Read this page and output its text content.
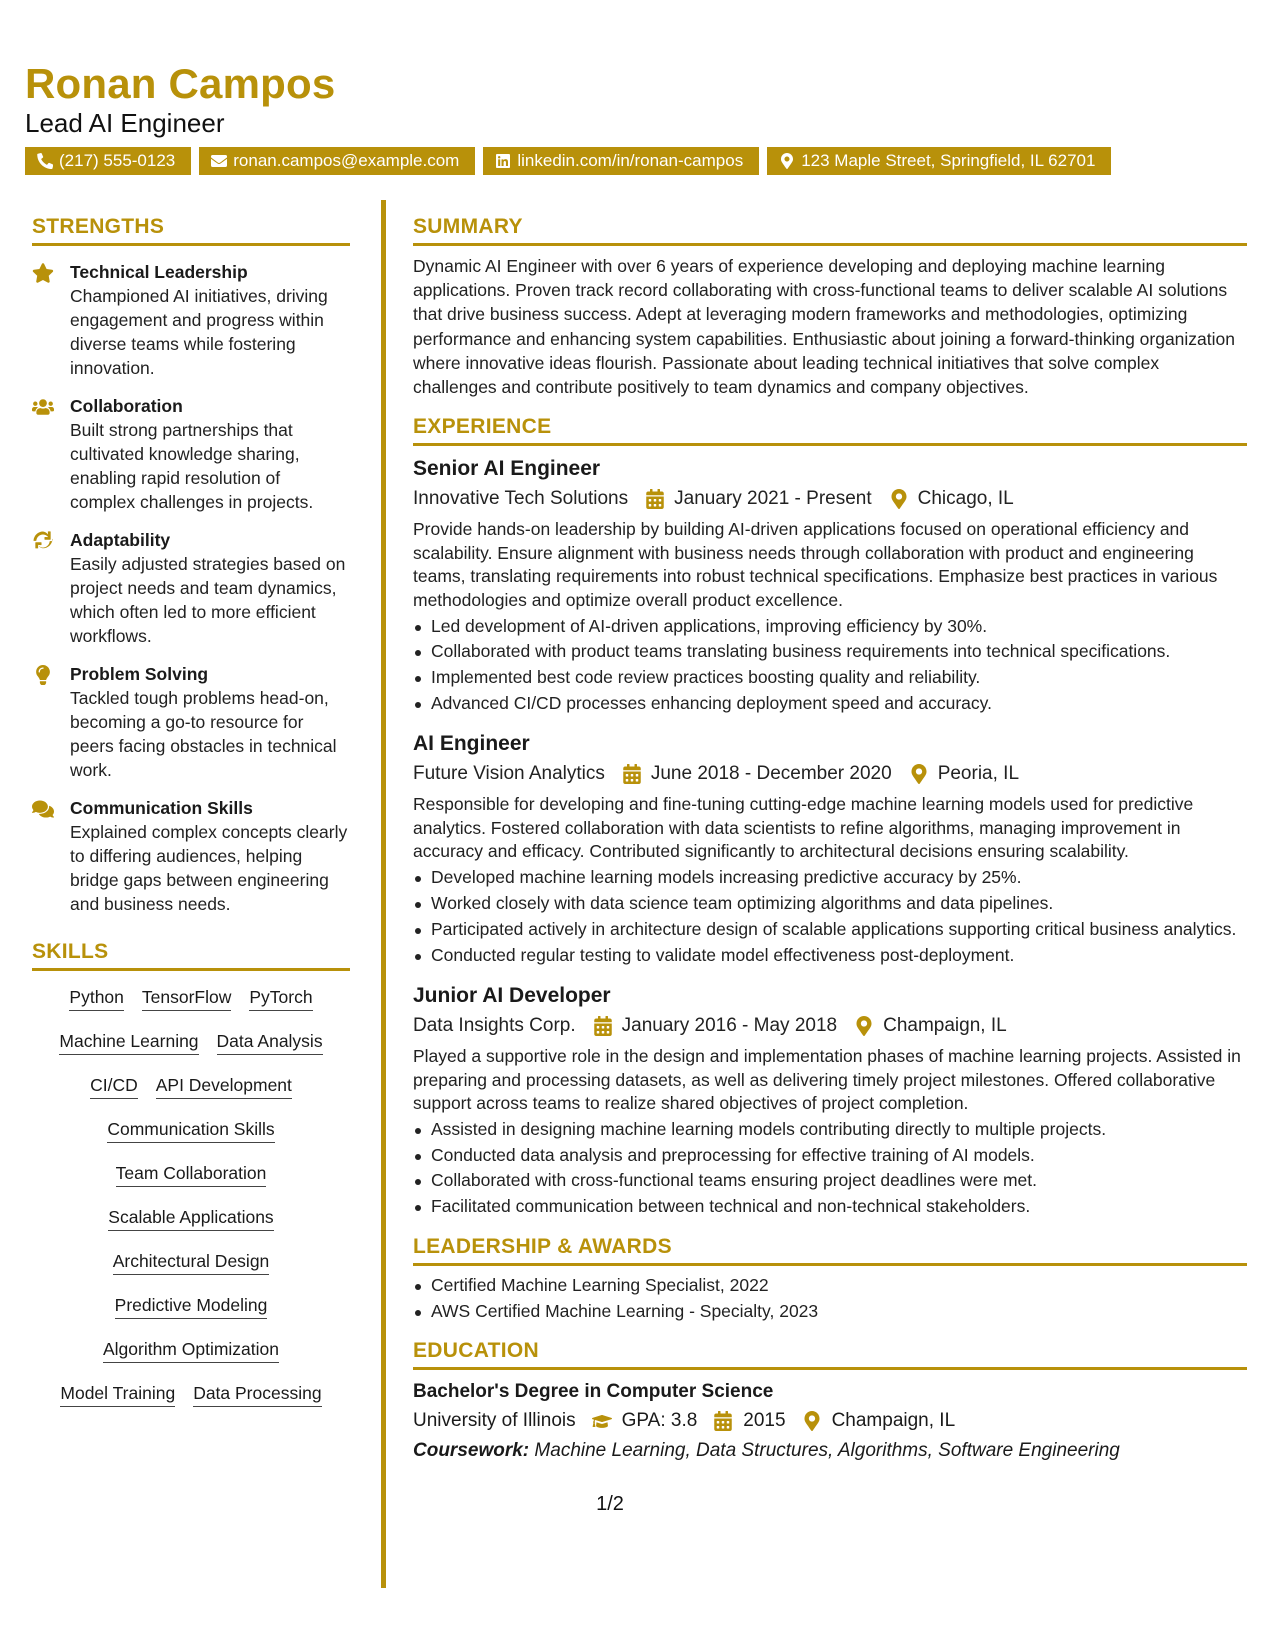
Ronan Campos
Lead AI Engineer
(217) 555-0123	ronan.campos@example.com	linkedin.com/in/ronan-campos	123 Maple Street, Springfield, IL 62701
STRENGTHS
Technical Leadership
Championed AI initiatives, driving engagement and progress within diverse teams while fostering innovation.
Collaboration
Built strong partnerships that cultivated knowledge sharing, enabling rapid resolution of complex challenges in projects.
Adaptability
Easily adjusted strategies based on project needs and team dynamics, which often led to more efficient workflows.
Problem Solving
Tackled tough problems head-on, becoming a go-to resource for peers facing obstacles in technical work.
Communication Skills
Explained complex concepts clearly to differing audiences, helping bridge gaps between engineering and business needs.
SKILLS
Python TensorFlow PyTorch
Machine Learning Data Analysis
CI/CD API Development
Communication Skills
Team Collaboration
Scalable Applications
Architectural Design
Predictive Modeling
Algorithm Optimization
Model Training Data Processing
SUMMARY
Dynamic AI Engineer with over 6 years of experience developing and deploying machine learning applications. Proven track record collaborating with cross-functional teams to deliver scalable AI solutions that drive business success. Adept at leveraging modern frameworks and methodologies, optimizing performance and enhancing system capabilities. Enthusiastic about joining a forward-thinking organization where innovative ideas flourish. Passionate about leading technical initiatives that solve complex challenges and contribute positively to team dynamics and company objectives.
EXPERIENCE
Senior AI Engineer
Innovative Tech Solutions January 2021 - Present Chicago, IL
Provide hands-on leadership by building AI-driven applications focused on operational efficiency and scalability. Ensure alignment with business needs through collaboration with product and engineering teams, translating requirements into robust technical specifications. Emphasize best practices in various methodologies and optimize overall product excellence.
Led development of AI-driven applications, improving efficiency by 30%.
Collaborated with product teams translating business requirements into technical specifications.
Implemented best code review practices boosting quality and reliability.
Advanced CI/CD processes enhancing deployment speed and accuracy.
AI Engineer
Future Vision Analytics June 2018 - December 2020 Peoria, IL
Responsible for developing and fine-tuning cutting-edge machine learning models used for predictive analytics. Fostered collaboration with data scientists to refine algorithms, managing improvement in accuracy and efficacy. Contributed significantly to architectural decisions ensuring scalability.
Developed machine learning models increasing predictive accuracy by 25%.
Worked closely with data science team optimizing algorithms and data pipelines.
Participated actively in architecture design of scalable applications supporting critical business analytics.
Conducted regular testing to validate model effectiveness post-deployment.
Junior AI Developer
Data Insights Corp. January 2016 - May 2018 Champaign, IL
Played a supportive role in the design and implementation phases of machine learning projects. Assisted in preparing and processing datasets, as well as delivering timely project milestones. Offered collaborative support across teams to realize shared objectives of project completion.
Assisted in designing machine learning models contributing directly to multiple projects.
Conducted data analysis and preprocessing for effective training of AI models.
Collaborated with cross-functional teams ensuring project deadlines were met.
Facilitated communication between technical and non-technical stakeholders.
LEADERSHIP & AWARDS
Certified Machine Learning Specialist, 2022
AWS Certified Machine Learning - Specialty, 2023
EDUCATION
Bachelor's Degree in Computer Science
University of Illinois GPA: 3.8 2015 Champaign, IL
Coursework: Machine Learning, Data Structures, Algorithms, Software Engineering
1/2
